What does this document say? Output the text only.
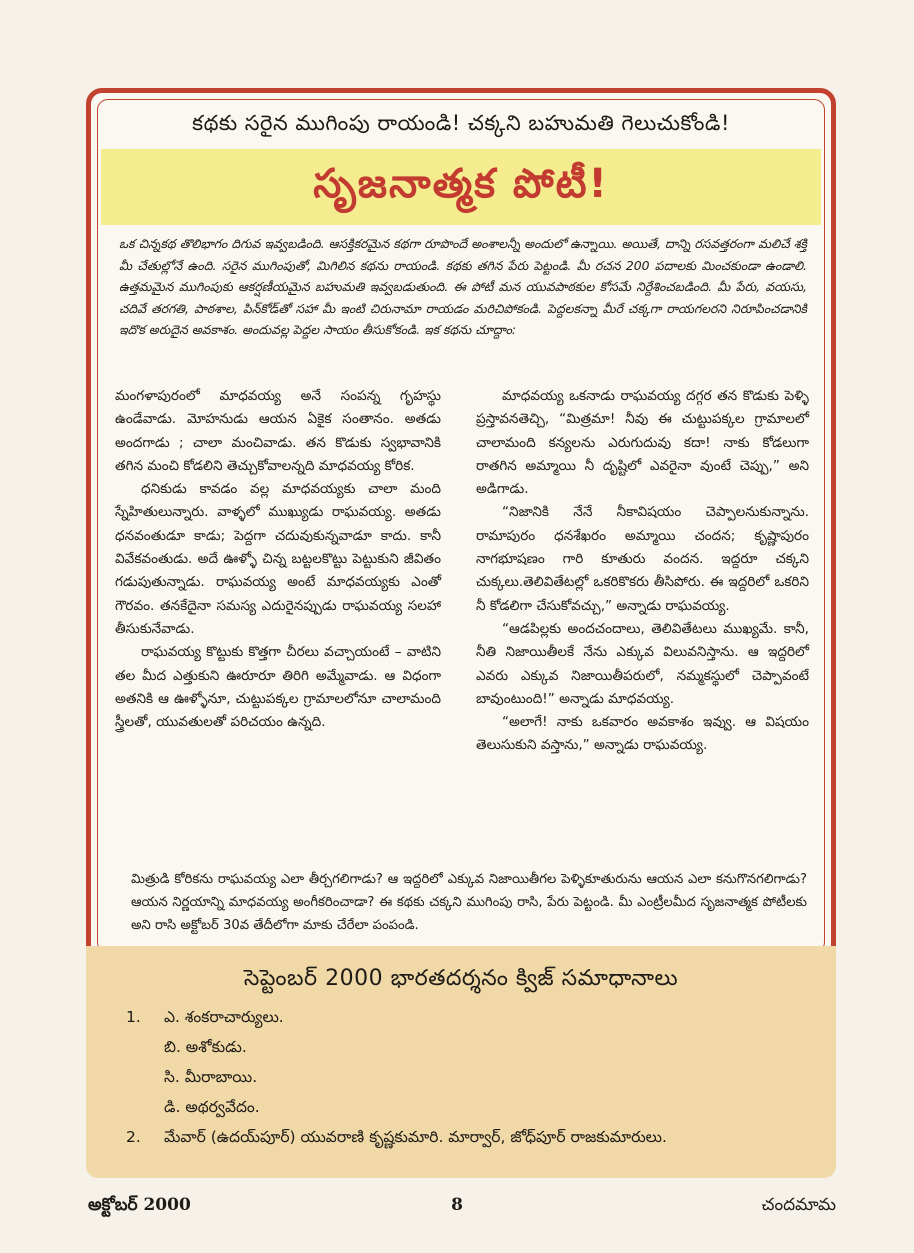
కథకు సరైన ముగింపు రాయండి! చక్కని బహుమతి గెలుచుకోండి!
సృజనాత్మక పోటీ!
ఒక చిన్నకథ తొలిభాగం దిగువ ఇవ్వబడింది. ఆసక్తికరమైన కథగా రూపొందే అంశాలన్నీ అందులో ఉన్నాయి. అయితే, దాన్ని రసవత్తరంగా మలిచే శక్తి మీ చేతుల్లోనే ఉంది. సరైన ముగింపుతో, మిగిలిన కథను రాయండి. కథకు తగిన పేరు పెట్టండి. మీ రచన 200 పదాలకు మించకుండా ఉండాలి. ఉత్తమమైన ముగింపుకు ఆకర్షణీయమైన బహుమతి ఇవ్వబడుతుంది. ఈ పోటీ మన యువపాఠకుల కోసమే నిర్దేశించబడింది. మీ పేరు, వయసు, చదివే తరగతి, పాఠశాల, పిన్‌కోడ్‌తో సహా మీ ఇంటి చిరునామా రాయడం మరిచిపోకండి. పెద్దలకన్నా మీరే చక్కగా రాయగలరని నిరూపించడానికి ఇదొక అరుదైన అవకాశం. అందువల్ల పెద్దల సాయం తీసుకోకండి. ఇక కథను చూద్దాం:

మంగళాపురంలో మాధవయ్య అనే సంపన్న గృహస్థు ఉండేవాడు. మోహనుడు ఆయన ఏకైక సంతానం. అతడు అందగాడు ; చాలా మంచివాడు. తన కొడుకు స్వభావానికి తగిన మంచి కోడలిని తెచ్చుకోవాలన్నది మాధవయ్య కోరిక.

ధనికుడు కావడం వల్ల మాధవయ్యకు చాలా మంది స్నేహితులున్నారు. వాళ్ళలో ముఖ్యుడు రాఘవయ్య. అతడు ధనవంతుడూ కాడు; పెద్దగా చదువుకున్నవాడూ కాదు. కానీ వివేకవంతుడు. అదే ఊళ్ళో చిన్న బట్టలకొట్టు పెట్టుకుని జీవితం గడుపుతున్నాడు. రాఘవయ్య అంటే మాధవయ్యకు ఎంతో గౌరవం. తనకేదైనా సమస్య ఎదురైనప్పుడు రాఘవయ్య సలహా తీసుకునేవాడు.

రాఘవయ్య కొట్టుకు కొత్తగా చీరలు వచ్చాయంటే – వాటిని తల మీద ఎత్తుకుని ఊరూరూ తిరిగి అమ్మేవాడు. ఆ విధంగా అతనికి ఆ ఊళ్ళోనూ, చుట్టుపక్కల గ్రామాలలోనూ చాలామంది స్త్రీలతో, యువతులతో పరిచయం ఉన్నది.

మాధవయ్య ఒకనాడు రాఘవయ్య దగ్గర తన కొడుకు పెళ్ళి ప్రస్తావనతెచ్చి, “మిత్రమా! నీవు ఈ చుట్టుపక్కల గ్రామాలలో చాలామంది కన్యలను ఎరుగుదువు కదా! నాకు కోడలుగా రాతగిన అమ్మాయి నీ దృష్టిలో ఎవరైనా వుంటే చెప్పు,” అని అడిగాడు.

“నిజానికి నేనే నీకావిషయం చెప్పాలనుకున్నాను. రామాపురం ధనశేఖరం అమ్మాయి చందన; కృష్ణాపురం నాగభూషణం గారి కూతురు వందన. ఇద్దరూ చక్కని చుక్కలు.తెలివితేటల్లో ఒకరికొకరు తీసిపోరు. ఈ ఇద్దరిలో ఒకరిని నీ కోడలిగా చేసుకోవచ్చు,” అన్నాడు రాఘవయ్య.

“ఆడపిల్లకు అందచందాలు, తెలివితేటలు ముఖ్యమే. కానీ, నీతి నిజాయితీలకే నేను ఎక్కువ విలువనిస్తాను. ఆ ఇద్దరిలో ఎవరు ఎక్కువ నిజాయితీపరులో, నమ్మకస్థులో చెప్పావంటే బావుంటుంది!” అన్నాడు మాధవయ్య.

“అలాగే! నాకు ఒకవారం అవకాశం ఇవ్వు. ఆ విషయం తెలుసుకుని వస్తాను,” అన్నాడు రాఘవయ్య.

మిత్రుడి కోరికను రాఘవయ్య ఎలా తీర్చగలిగాడు? ఆ ఇద్దరిలో ఎక్కువ నిజాయితీగల పెళ్ళికూతురును ఆయన ఎలా కనుగొనగలిగాడు? ఆయన నిర్ణయాన్ని మాధవయ్య అంగీకరించాడా? ఈ కథకు చక్కని ముగింపు రాసి, పేరు పెట్టండి. మీ ఎంట్రీలమీద సృజనాత్మక పోటీలకు అని రాసి అక్టోబర్ 30వ తేదీలోగా మాకు చేరేలా పంపండి.
సెప్టెంబర్ 2000 భారతదర్శనం క్విజ్ సమాధానాలు
1.	ఎ. శంకరాచార్యులు.
బి. అశోకుడు.
సి. మీరాబాయి.
డి. అథర్వవేదం.
2.	మేవార్ (ఉదయ్‌పూర్) యువరాణి కృష్ణకుమారి. మార్వార్, జోధ్‌పూర్ రాజకుమారులు.
అక్టోబర్ 2000	8	చందమామ
